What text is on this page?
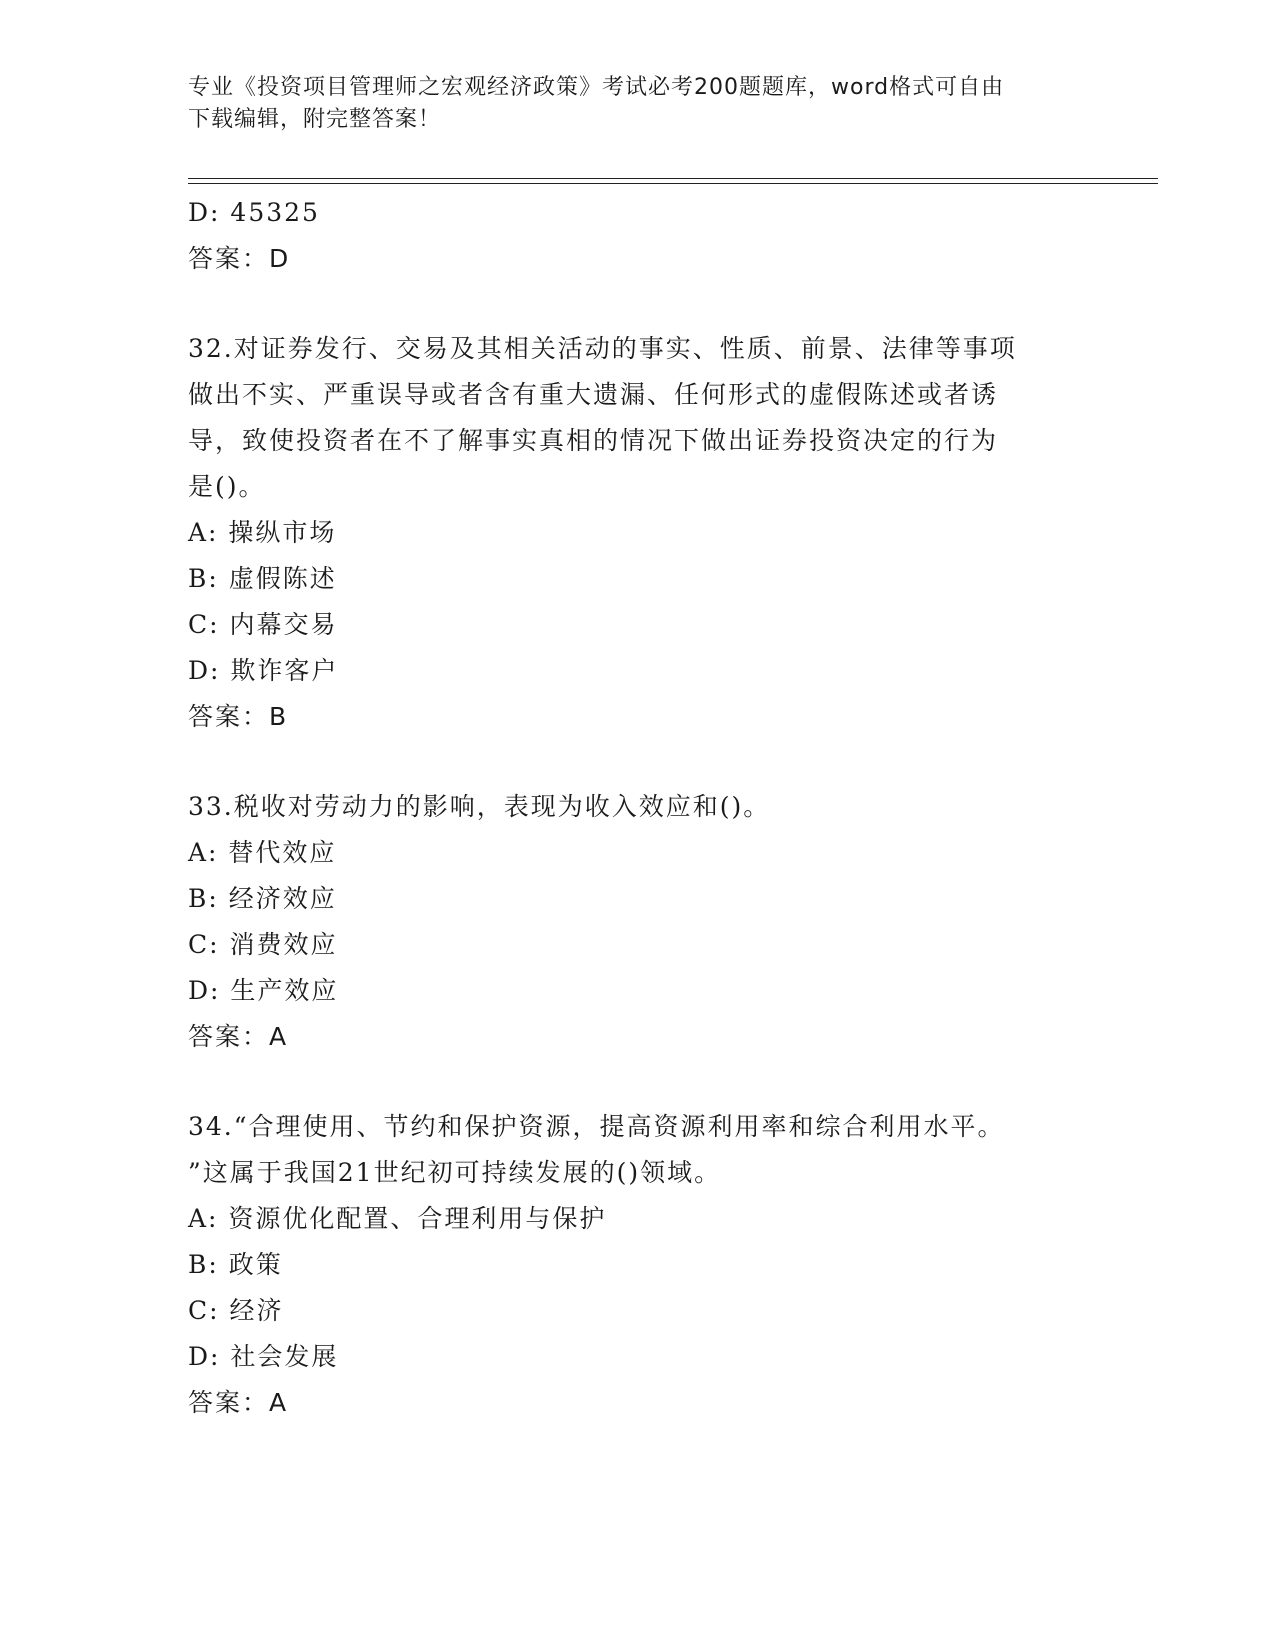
专业《投资项目管理师之宏观经济政策》考试必考200题题库，word格式可自由
下载编辑，附完整答案！
D: 45325
答案：D
32.对证券发行、交易及其相关活动的事实、性质、前景、法律等事项
做出不实、严重误导或者含有重大遗漏、任何形式的虚假陈述或者诱
导，致使投资者在不了解事实真相的情况下做出证券投资决定的行为
是()。
A: 操纵市场
B: 虚假陈述
C: 内幕交易
D: 欺诈客户
答案：B
33.税收对劳动力的影响，表现为收入效应和()。
A: 替代效应
B: 经济效应
C: 消费效应
D: 生产效应
答案：A
34.“合理使用、节约和保护资源，提高资源利用率和综合利用水平。
”这属于我国21世纪初可持续发展的()领域。
A: 资源优化配置、合理利用与保护
B: 政策
C: 经济
D: 社会发展
答案：A
